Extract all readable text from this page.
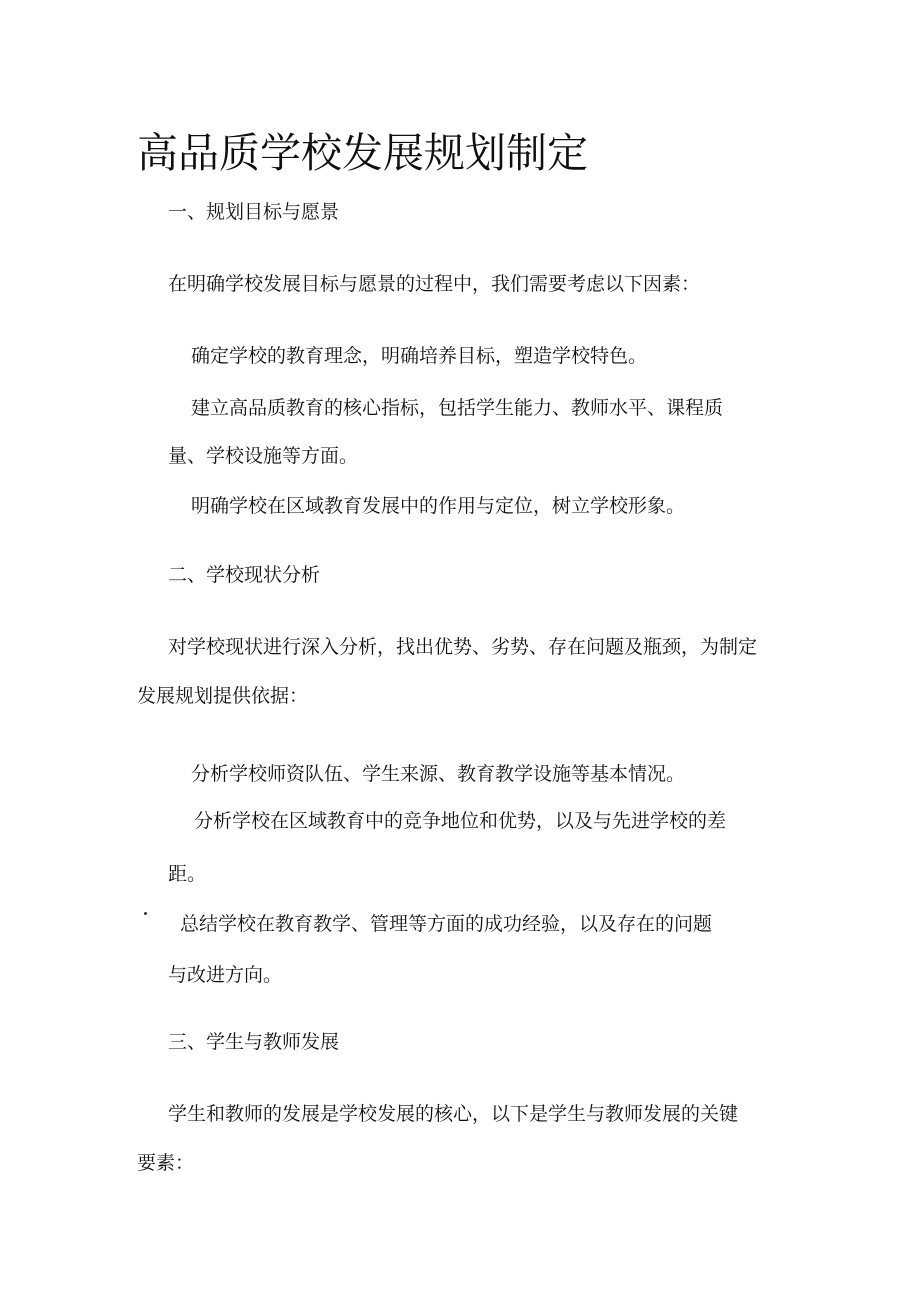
高品质学校发展规划制定

一、规划目标与愿景

在明确学校发展目标与愿景的过程中，我们需要考虑以下因素：

确定学校的教育理念，明确培养目标，塑造学校特色。

建立高品质教育的核心指标，包括学生能力、教师水平、课程质

量、学校设施等方面。

明确学校在区域教育发展中的作用与定位，树立学校形象。

二、学校现状分析

对学校现状进行深入分析，找出优势、劣势、存在问题及瓶颈，为制定

发展规划提供依据：

分析学校师资队伍、学生来源、教育教学设施等基本情况。

分析学校在区域教育中的竞争地位和优势，以及与先进学校的差

距。

总结学校在教育教学、管理等方面的成功经验，以及存在的问题

与改进方向。

三、学生与教师发展

学生和教师的发展是学校发展的核心，以下是学生与教师发展的关键

要素：
